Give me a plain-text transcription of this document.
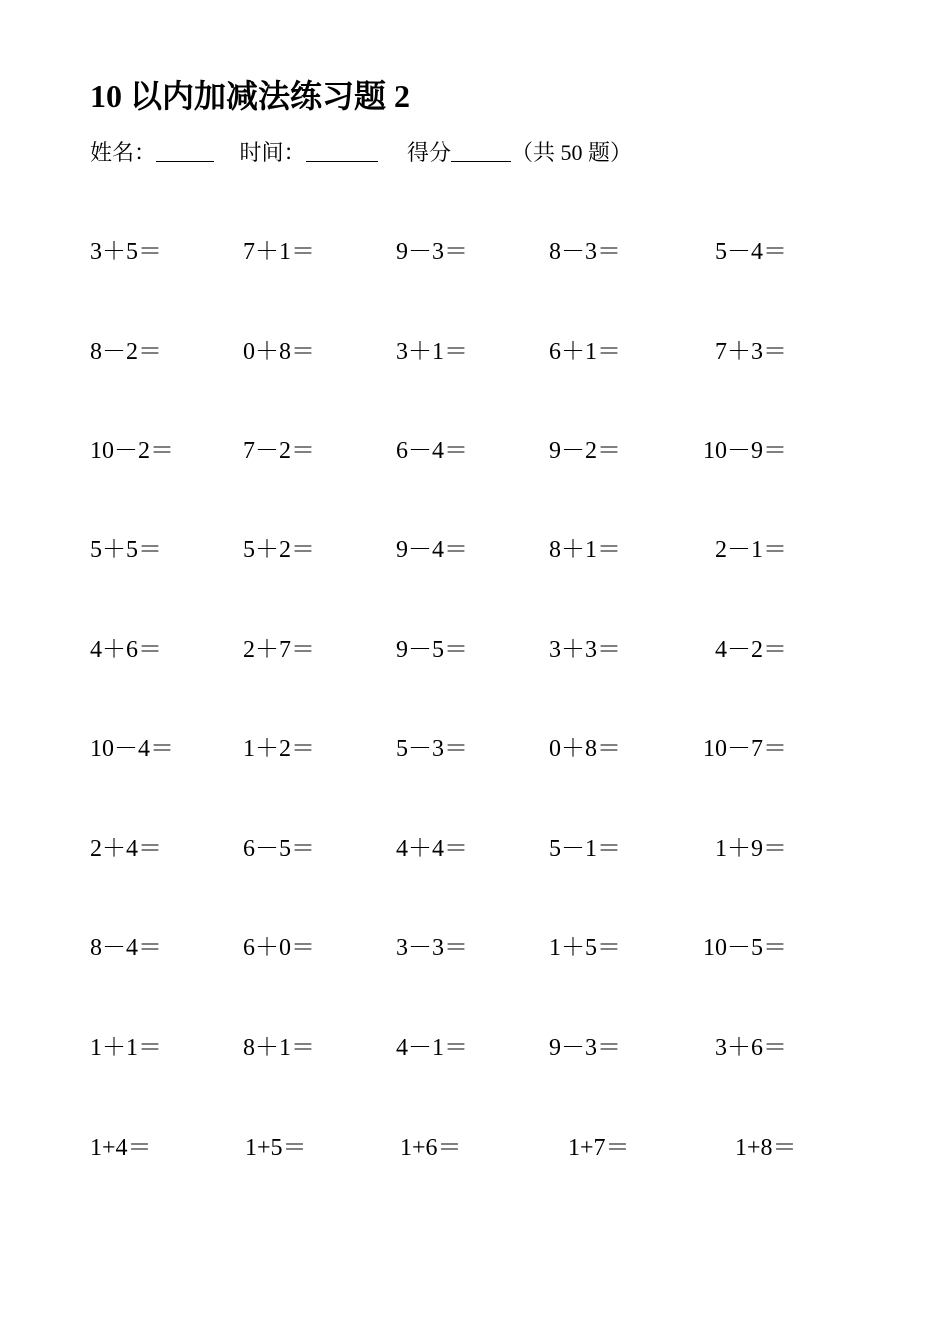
10 以内加减法练习题 2
姓名：	时间：	得分	（共 50 题）
3＋5＝	7＋1＝	9－3＝	8－3＝	5－4＝
8－2＝	0＋8＝	3＋1＝	6＋1＝	7＋3＝
10－2＝	7－2＝	6－4＝	9－2＝	10－9＝
5＋5＝	5＋2＝	9－4＝	8＋1＝	2－1＝
4＋6＝	2＋7＝	9－5＝	3＋3＝	4－2＝
10－4＝	1＋2＝	5－3＝	0＋8＝	10－7＝
2＋4＝	6－5＝	4＋4＝	5－1＝	1＋9＝
8－4＝	6＋0＝	3－3＝	1＋5＝	10－5＝
1＋1＝	8＋1＝	4－1＝	9－3＝	3＋6＝
1+4＝	1+5＝	1+6＝	1+7＝	1+8＝
